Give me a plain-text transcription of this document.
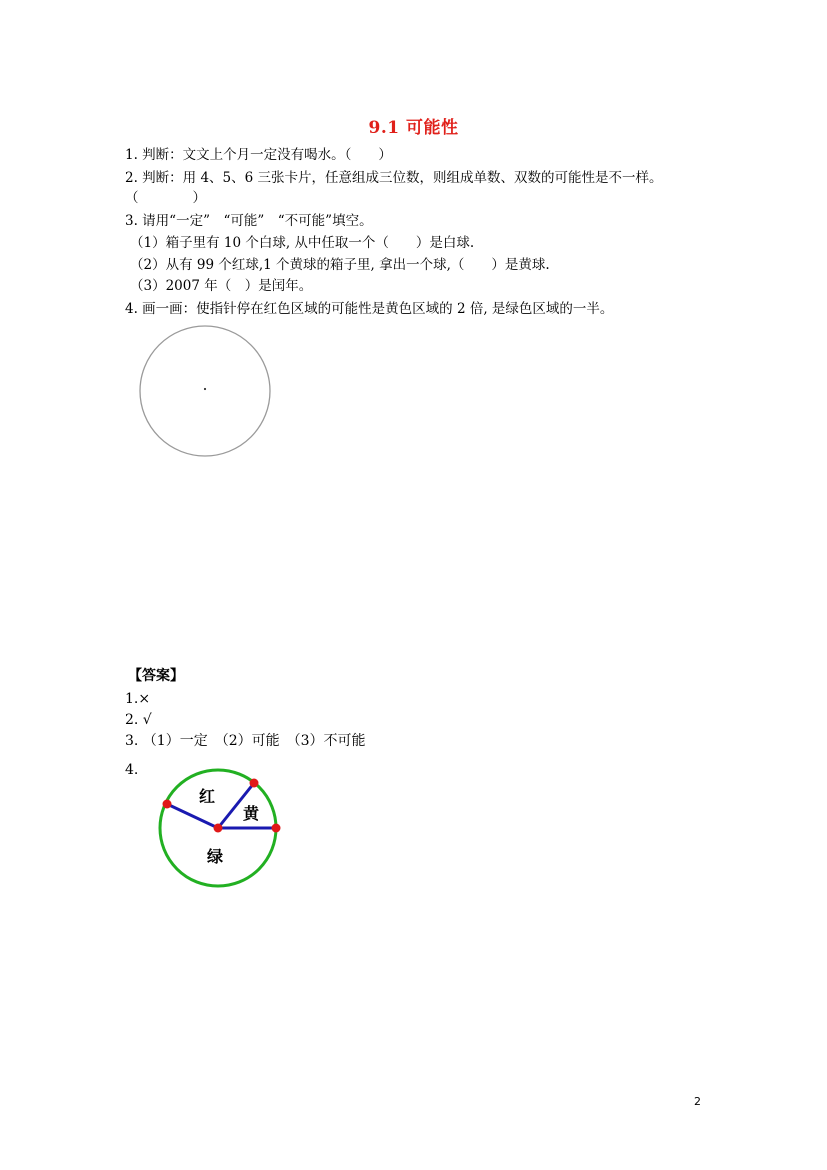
9.1 可能性
1. 判断：文文上个月一定没有喝水。（　　）
2. 判断：用 4、5、6 三张卡片，任意组成三位数，则组成单数、双数的可能性是不一样。
（　　　　）
3. 请用“一定”　“可能”　“不可能”填空。
（1）箱子里有 10 个白球, 从中任取一个（　　）是白球.
（2）从有 99 个红球,1 个黄球的箱子里, 拿出一个球,（　　）是黄球.
（3）2007 年（　）是闰年。
4. 画一画：使指针停在红色区域的可能性是黄色区域的 2 倍, 是绿色区域的一半。
【答案】
1.×
2. √
3. （1）一定　（2）可能　（3）不可能
4.
红
黄
绿
2
